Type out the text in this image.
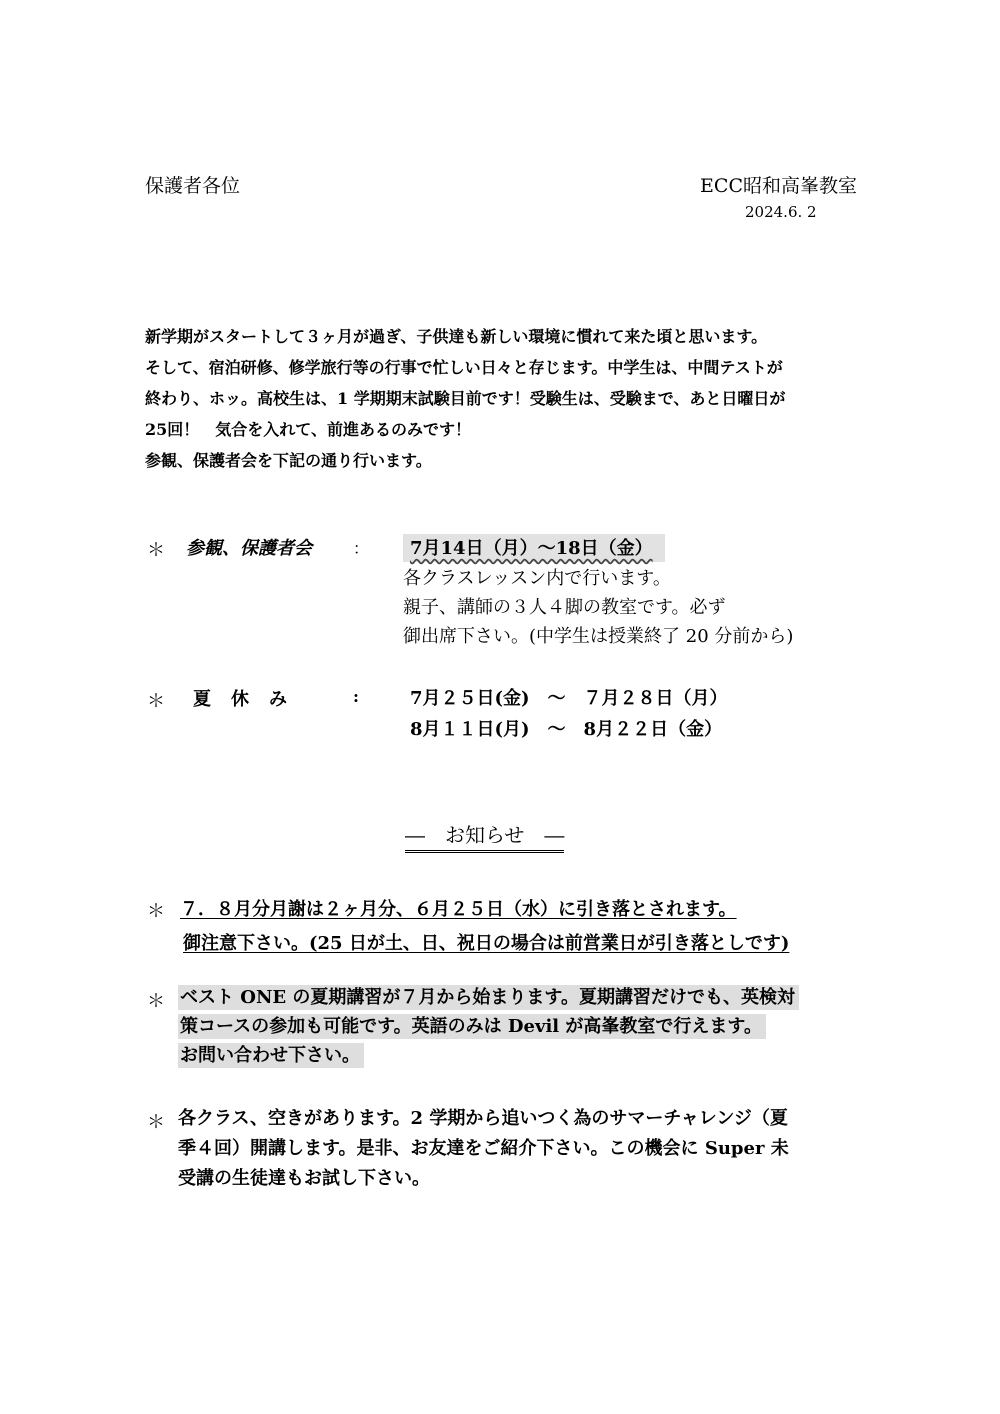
保護者各位	ECC昭和高峯教室
2024.6. 2

新学期がスタートして３ヶ月が過ぎ、子供達も新しい環境に慣れて来た頃と思います。

そして、宿泊研修、修学旅行等の行事で忙しい日々と存じます。中学生は、中間テストが

終わり、ホッ。高校生は、1 学期期末試験目前です！受験生は、受験まで、あと日曜日が

25回！　気合を入れて、前進あるのみです！

参観、保護者会を下記の通り行います。

＊ 参観、保護者会	：	7月14日（月）～18日（金）

各クラスレッスン内で行います。

親子、講師の３人４脚の教室です。必ず

御出席下さい。(中学生は授業終了 20 分前から)

＊ 夏休み	:	7月２５日(金)　～　７月２８日（月）

8月１１日(月)　～　8月２２日（金）

―　お知らせ　―
＊ ７．８月分月謝は２ヶ月分、６月２５日（水）に引き落とされます。

御注意下さい。(25 日が土、日、祝日の場合は前営業日が引き落としです)

＊ ベスト ONE の夏期講習が７月から始まります。夏期講習だけでも、英検対

策コースの参加も可能です。英語のみは Devil が高峯教室で行えます。

お問い合わせ下さい。

＊ 各クラス、空きがあります。2 学期から追いつく為のサマーチャレンジ（夏

季４回）開講します。是非、お友達をご紹介下さい。この機会に Super 未

受講の生徒達もお試し下さい。
